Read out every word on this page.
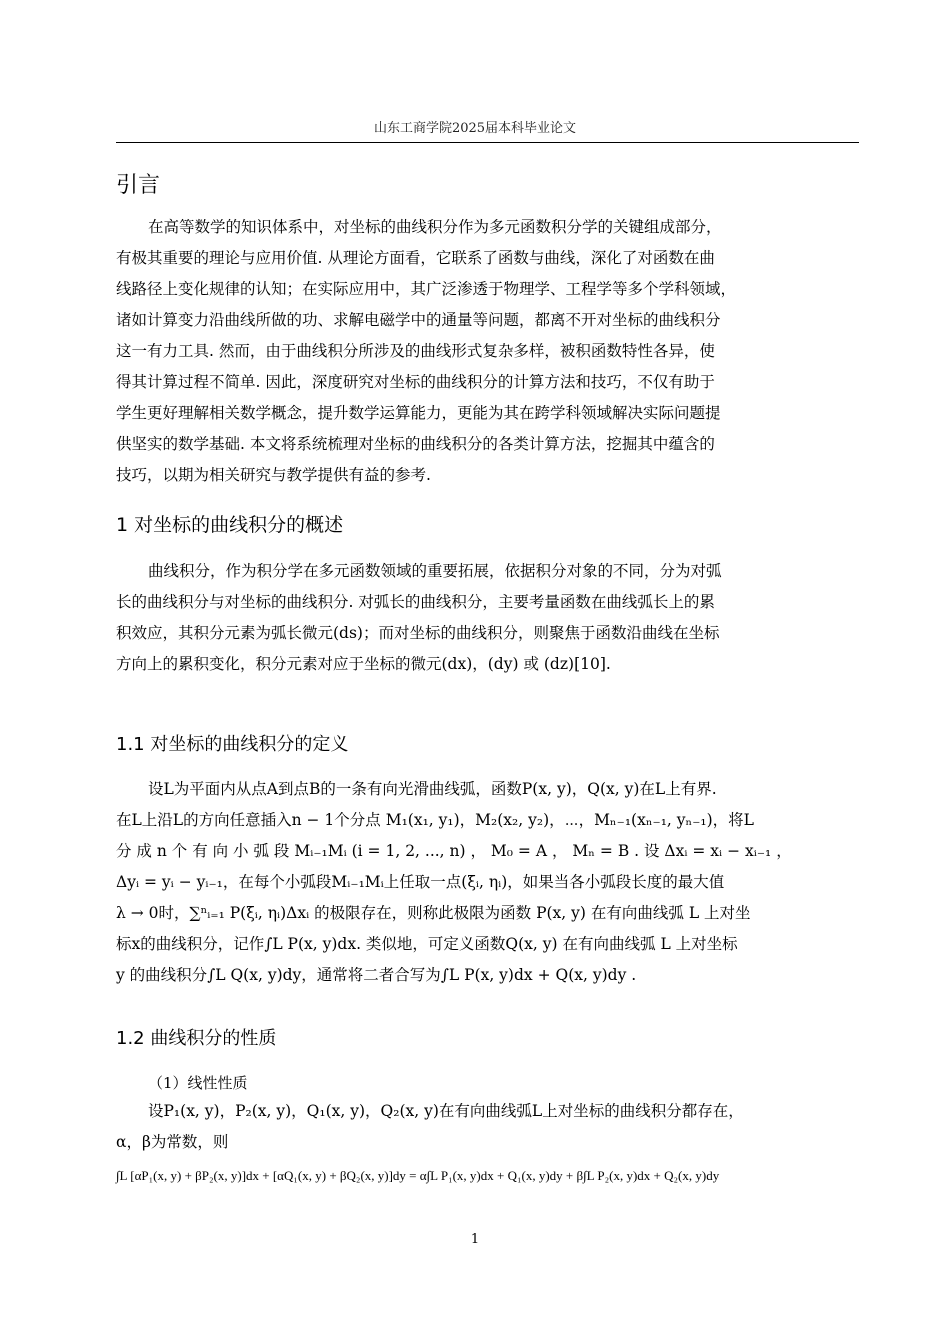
山东工商学院2025届本科毕业论文
引言
在高等数学的知识体系中，对坐标的曲线积分作为多元函数积分学的关键组成部分，
有极其重要的理论与应用价值. 从理论方面看，它联系了函数与曲线，深化了对函数在曲
线路径上变化规律的认知；在实际应用中，其广泛渗透于物理学、工程学等多个学科领域，
诸如计算变力沿曲线所做的功、求解电磁学中的通量等问题，都离不开对坐标的曲线积分
这一有力工具. 然而，由于曲线积分所涉及的曲线形式复杂多样，被积函数特性各异，使
得其计算过程不简单. 因此，深度研究对坐标的曲线积分的计算方法和技巧，不仅有助于
学生更好理解相关数学概念，提升数学运算能力，更能为其在跨学科领域解决实际问题提
供坚实的数学基础. 本文将系统梳理对坐标的曲线积分的各类计算方法，挖掘其中蕴含的
技巧，以期为相关研究与教学提供有益的参考.
1 对坐标的曲线积分的概述
曲线积分，作为积分学在多元函数领域的重要拓展，依据积分对象的不同，分为对弧
长的曲线积分与对坐标的曲线积分. 对弧长的曲线积分，主要考量函数在曲线弧长上的累
积效应，其积分元素为弧长微元(ds)；而对坐标的曲线积分，则聚焦于函数沿曲线在坐标
方向上的累积变化，积分元素对应于坐标的微元(dx)，(dy) 或 (dz)[10].
1.1 对坐标的曲线积分的定义
设L为平面内从点A到点B的一条有向光滑曲线弧，函数P(x, y)，Q(x, y)在L上有界.
在L上沿L的方向任意插入n − 1个分点 M₁(x₁, y₁)，M₂(x₂, y₂)，⋯，Mₙ₋₁(xₙ₋₁, yₙ₋₁)，将L
分 成 n 个 有 向 小 弧 段 Mᵢ₋₁Mᵢ (i = 1, 2, ..., n) ， M₀ = A ， Mₙ = B . 设 Δxᵢ = xᵢ − xᵢ₋₁ ，
Δyᵢ = yᵢ − yᵢ₋₁，在每个小弧段Mᵢ₋₁Mᵢ上任取一点(ξᵢ, ηᵢ)，如果当各小弧段长度的最大值
λ → 0时，∑ⁿᵢ₌₁ P(ξᵢ, ηᵢ)Δxᵢ 的极限存在，则称此极限为函数 P(x, y) 在有向曲线弧 L 上对坐
标x的曲线积分，记作∫L P(x, y)dx. 类似地，可定义函数Q(x, y) 在有向曲线弧 L 上对坐标
y 的曲线积分∫L Q(x, y)dy，通常将二者合写为∫L P(x, y)dx + Q(x, y)dy .
1.2 曲线积分的性质
（1）线性性质
设P₁(x, y)，P₂(x, y)，Q₁(x, y)，Q₂(x, y)在有向曲线弧L上对坐标的曲线积分都存在，
α，β为常数，则
∫L [αP₁(x, y) + βP₂(x, y)]dx + [αQ₁(x, y) + βQ₂(x, y)]dy = α∫L P₁(x, y)dx + Q₁(x, y)dy + β∫L P₂(x, y)dx + Q₂(x, y)dy
1
